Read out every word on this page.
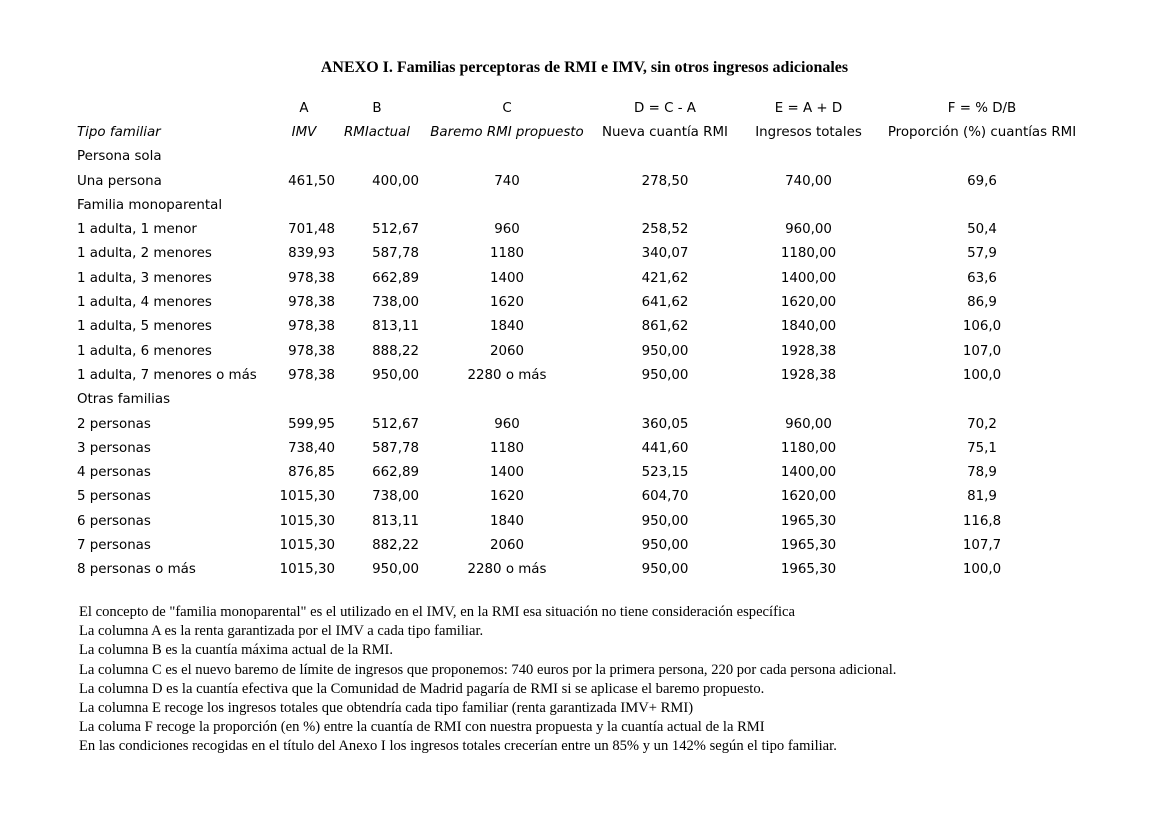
ANEXO I. Familias perceptoras de RMI e IMV, sin otros ingresos adicionales
	A	B	C	D = C - A	E = A + D	F = % D/B
Tipo familiar	IMV	RMIactual	Baremo RMI propuesto	Nueva cuantía RMI	Ingresos totales	Proporción (%) cuantías RMI
Persona sola						
Una persona	461,50	400,00	740	278,50	740,00	69,6
Familia monoparental						
1 adulta, 1 menor	701,48	512,67	960	258,52	960,00	50,4
1 adulta, 2 menores	839,93	587,78	1180	340,07	1180,00	57,9
1 adulta, 3 menores	978,38	662,89	1400	421,62	1400,00	63,6
1 adulta, 4 menores	978,38	738,00	1620	641,62	1620,00	86,9
1 adulta, 5 menores	978,38	813,11	1840	861,62	1840,00	106,0
1 adulta, 6 menores	978,38	888,22	2060	950,00	1928,38	107,0
1 adulta, 7 menores o más	978,38	950,00	2280 o más	950,00	1928,38	100,0
Otras familias						
2 personas	599,95	512,67	960	360,05	960,00	70,2
3 personas	738,40	587,78	1180	441,60	1180,00	75,1
4 personas	876,85	662,89	1400	523,15	1400,00	78,9
5 personas	1015,30	738,00	1620	604,70	1620,00	81,9
6 personas	1015,30	813,11	1840	950,00	1965,30	116,8
7 personas	1015,30	882,22	2060	950,00	1965,30	107,7
8 personas o más	1015,30	950,00	2280 o más	950,00	1965,30	100,0

El concepto de "familia monoparental" es el utilizado en el IMV, en la RMI esa situación no tiene consideración específica

La columna A es la renta garantizada por el IMV a cada tipo familiar.

La columna B es la cuantía máxima actual de la RMI.

La columna C es el nuevo baremo de límite de ingresos que proponemos: 740 euros por la primera persona, 220 por cada persona adicional.

La columna D es la cuantía efectiva que la Comunidad de Madrid pagaría de RMI si se aplicase el baremo propuesto.

La columna E recoge los ingresos totales que obtendría cada tipo familiar (renta garantizada IMV+ RMI)

La columa F recoge la proporción (en %) entre la cuantía de RMI con nuestra propuesta y la cuantía actual de la RMI

En las condiciones recogidas en el título del Anexo I los ingresos totales crecerían entre un 85% y un 142% según el tipo familiar.
